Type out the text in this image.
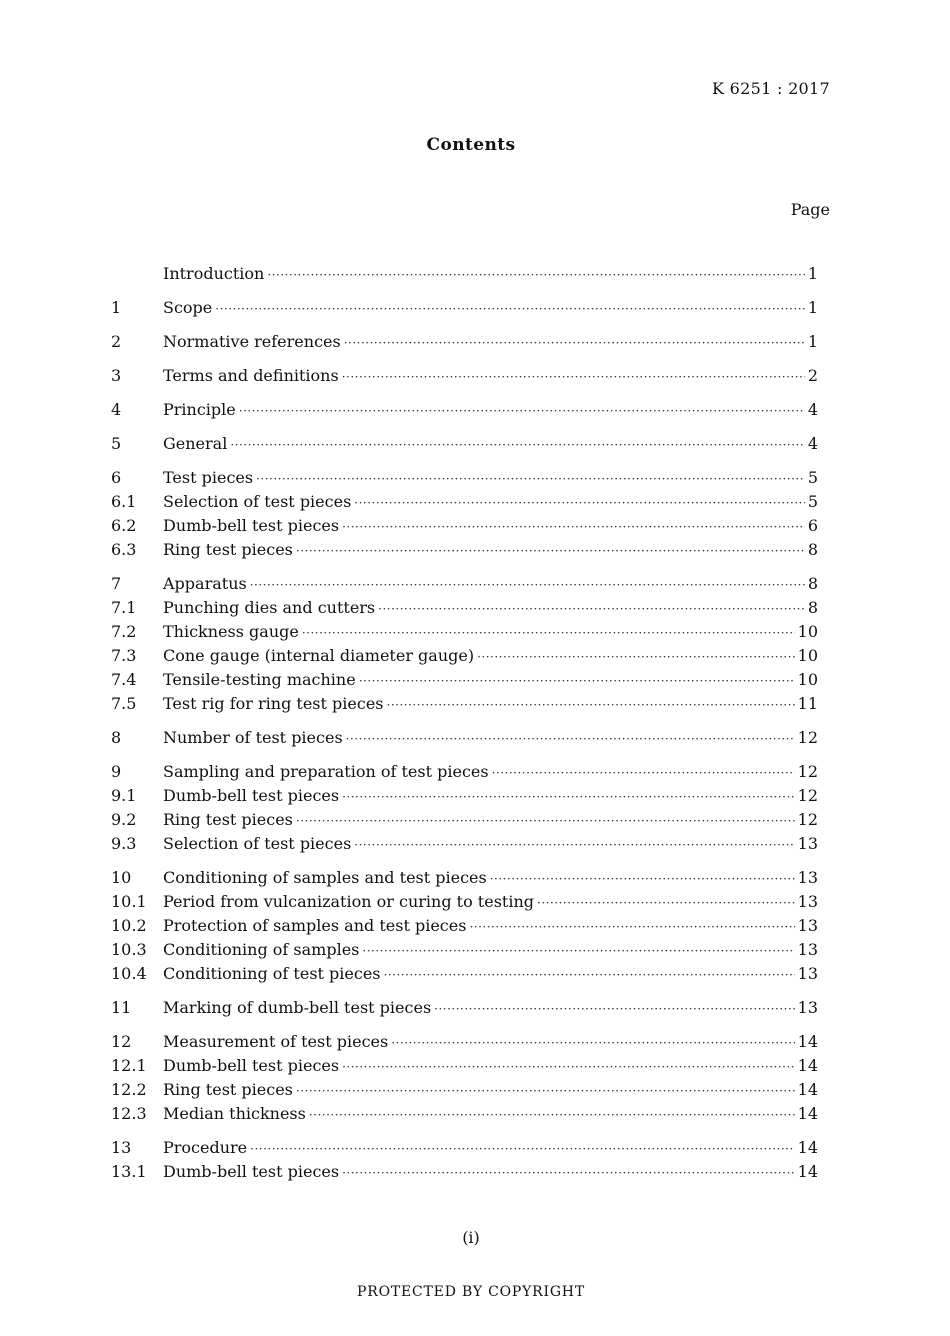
K 6251 : 2017
Contents
Page
Introduction ·····	1
1	Scope ·····	1
2	Normative references ·····	1
3	Terms and definitions ·····	2
4	Principle ·····	4
5	General ·····	4
6	Test pieces ·····	5
6.1	Selection of test pieces ·····	5
6.2	Dumb-bell test pieces ·····	6
6.3	Ring test pieces ·····	8
7	Apparatus ·····	8
7.1	Punching dies and cutters ·····	8
7.2	Thickness gauge ·····	10
7.3	Cone gauge (internal diameter gauge) ·····	10
7.4	Tensile-testing machine ·····	10
7.5	Test rig for ring test pieces ·····	11
8	Number of test pieces ·····	12
9	Sampling and preparation of test pieces ·····	12
9.1	Dumb-bell test pieces ·····	12
9.2	Ring test pieces ·····	12
9.3	Selection of test pieces ·····	13
10	Conditioning of samples and test pieces ·····	13
10.1	Period from vulcanization or curing to testing ·····	13
10.2	Protection of samples and test pieces ·····	13
10.3	Conditioning of samples ·····	13
10.4	Conditioning of test pieces ·····	13
11	Marking of dumb-bell test pieces ·····	13
12	Measurement of test pieces ·····	14
12.1	Dumb-bell test pieces ·····	14
12.2	Ring test pieces ·····	14
12.3	Median thickness ·····	14
13	Procedure ·····	14
13.1	Dumb-bell test pieces ·····	14
(i)
PROTECTED BY COPYRIGHT
